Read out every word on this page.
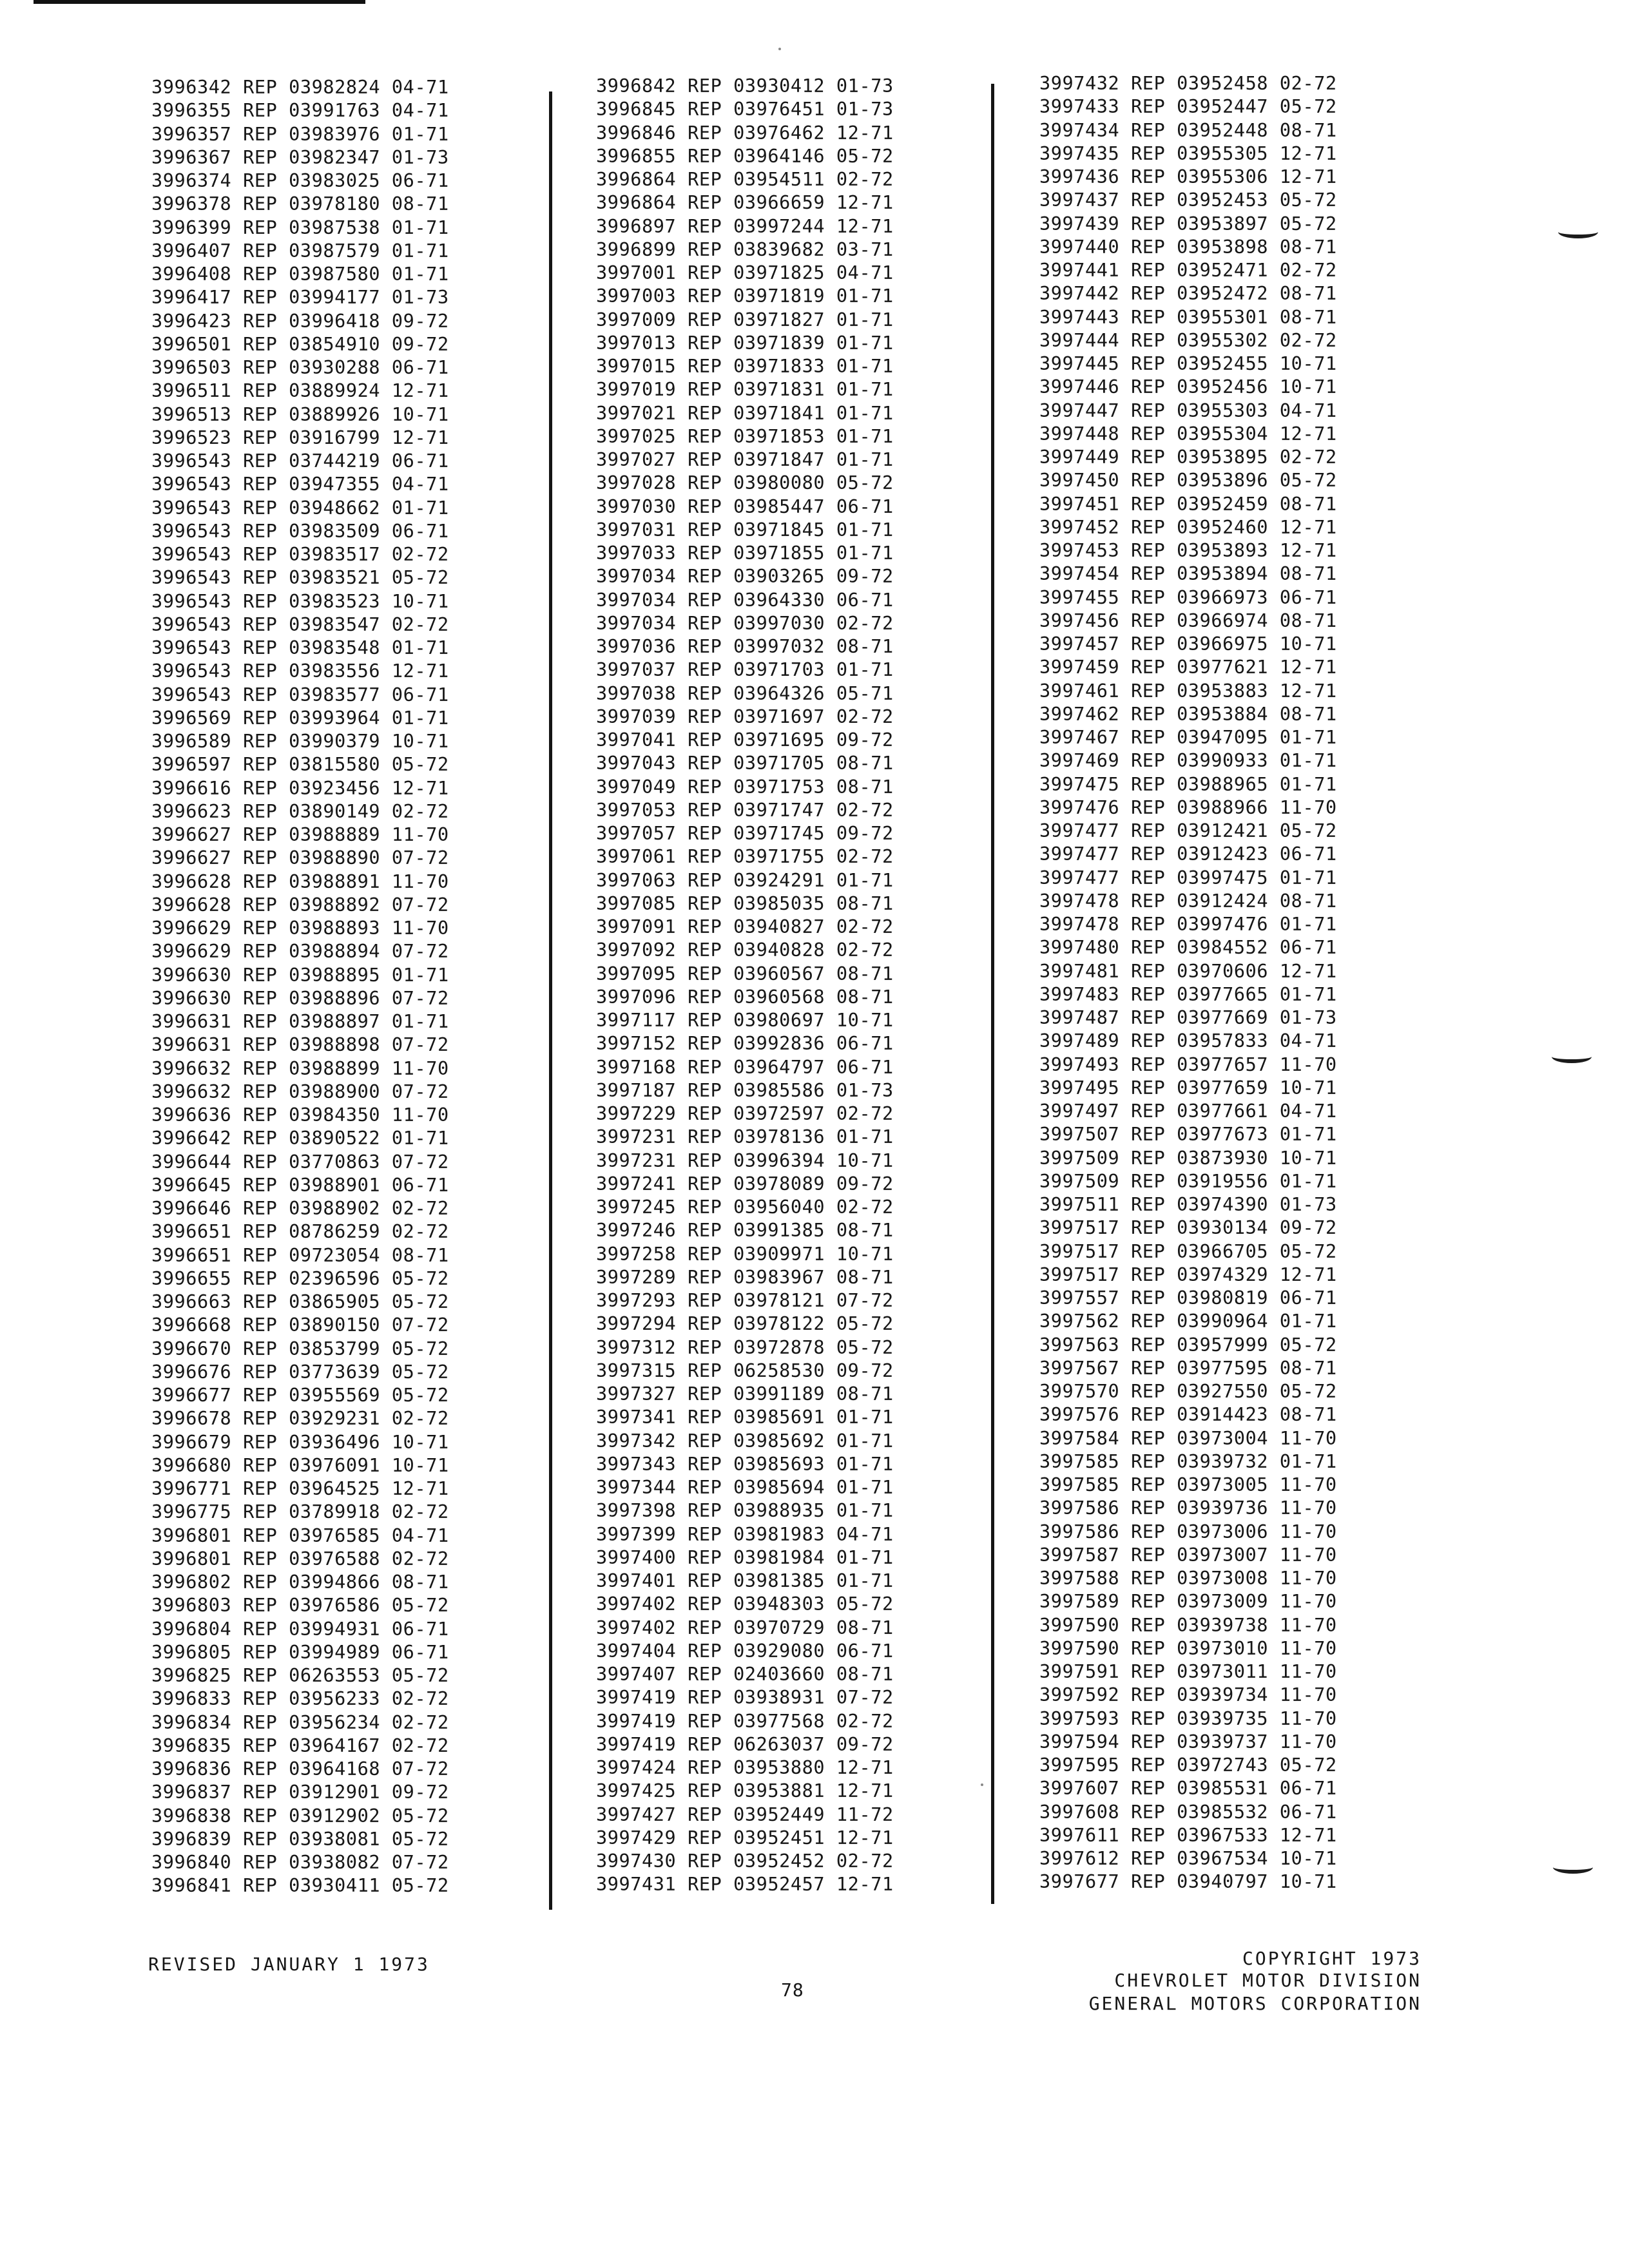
3996342 REP 03982824 04-71
3996355 REP 03991763 04-71
3996357 REP 03983976 01-71
3996367 REP 03982347 01-73
3996374 REP 03983025 06-71
3996378 REP 03978180 08-71
3996399 REP 03987538 01-71
3996407 REP 03987579 01-71
3996408 REP 03987580 01-71
3996417 REP 03994177 01-73
3996423 REP 03996418 09-72
3996501 REP 03854910 09-72
3996503 REP 03930288 06-71
3996511 REP 03889924 12-71
3996513 REP 03889926 10-71
3996523 REP 03916799 12-71
3996543 REP 03744219 06-71
3996543 REP 03947355 04-71
3996543 REP 03948662 01-71
3996543 REP 03983509 06-71
3996543 REP 03983517 02-72
3996543 REP 03983521 05-72
3996543 REP 03983523 10-71
3996543 REP 03983547 02-72
3996543 REP 03983548 01-71
3996543 REP 03983556 12-71
3996543 REP 03983577 06-71
3996569 REP 03993964 01-71
3996589 REP 03990379 10-71
3996597 REP 03815580 05-72
3996616 REP 03923456 12-71
3996623 REP 03890149 02-72
3996627 REP 03988889 11-70
3996627 REP 03988890 07-72
3996628 REP 03988891 11-70
3996628 REP 03988892 07-72
3996629 REP 03988893 11-70
3996629 REP 03988894 07-72
3996630 REP 03988895 01-71
3996630 REP 03988896 07-72
3996631 REP 03988897 01-71
3996631 REP 03988898 07-72
3996632 REP 03988899 11-70
3996632 REP 03988900 07-72
3996636 REP 03984350 11-70
3996642 REP 03890522 01-71
3996644 REP 03770863 07-72
3996645 REP 03988901 06-71
3996646 REP 03988902 02-72
3996651 REP 08786259 02-72
3996651 REP 09723054 08-71
3996655 REP 02396596 05-72
3996663 REP 03865905 05-72
3996668 REP 03890150 07-72
3996670 REP 03853799 05-72
3996676 REP 03773639 05-72
3996677 REP 03955569 05-72
3996678 REP 03929231 02-72
3996679 REP 03936496 10-71
3996680 REP 03976091 10-71
3996771 REP 03964525 12-71
3996775 REP 03789918 02-72
3996801 REP 03976585 04-71
3996801 REP 03976588 02-72
3996802 REP 03994866 08-71
3996803 REP 03976586 05-72
3996804 REP 03994931 06-71
3996805 REP 03994989 06-71
3996825 REP 06263553 05-72
3996833 REP 03956233 02-72
3996834 REP 03956234 02-72
3996835 REP 03964167 02-72
3996836 REP 03964168 07-72
3996837 REP 03912901 09-72
3996838 REP 03912902 05-72
3996839 REP 03938081 05-72
3996840 REP 03938082 07-72
3996841 REP 03930411 05-72
3996842 REP 03930412 01-73
3996845 REP 03976451 01-73
3996846 REP 03976462 12-71
3996855 REP 03964146 05-72
3996864 REP 03954511 02-72
3996864 REP 03966659 12-71
3996897 REP 03997244 12-71
3996899 REP 03839682 03-71
3997001 REP 03971825 04-71
3997003 REP 03971819 01-71
3997009 REP 03971827 01-71
3997013 REP 03971839 01-71
3997015 REP 03971833 01-71
3997019 REP 03971831 01-71
3997021 REP 03971841 01-71
3997025 REP 03971853 01-71
3997027 REP 03971847 01-71
3997028 REP 03980080 05-72
3997030 REP 03985447 06-71
3997031 REP 03971845 01-71
3997033 REP 03971855 01-71
3997034 REP 03903265 09-72
3997034 REP 03964330 06-71
3997034 REP 03997030 02-72
3997036 REP 03997032 08-71
3997037 REP 03971703 01-71
3997038 REP 03964326 05-71
3997039 REP 03971697 02-72
3997041 REP 03971695 09-72
3997043 REP 03971705 08-71
3997049 REP 03971753 08-71
3997053 REP 03971747 02-72
3997057 REP 03971745 09-72
3997061 REP 03971755 02-72
3997063 REP 03924291 01-71
3997085 REP 03985035 08-71
3997091 REP 03940827 02-72
3997092 REP 03940828 02-72
3997095 REP 03960567 08-71
3997096 REP 03960568 08-71
3997117 REP 03980697 10-71
3997152 REP 03992836 06-71
3997168 REP 03964797 06-71
3997187 REP 03985586 01-73
3997229 REP 03972597 02-72
3997231 REP 03978136 01-71
3997231 REP 03996394 10-71
3997241 REP 03978089 09-72
3997245 REP 03956040 02-72
3997246 REP 03991385 08-71
3997258 REP 03909971 10-71
3997289 REP 03983967 08-71
3997293 REP 03978121 07-72
3997294 REP 03978122 05-72
3997312 REP 03972878 05-72
3997315 REP 06258530 09-72
3997327 REP 03991189 08-71
3997341 REP 03985691 01-71
3997342 REP 03985692 01-71
3997343 REP 03985693 01-71
3997344 REP 03985694 01-71
3997398 REP 03988935 01-71
3997399 REP 03981983 04-71
3997400 REP 03981984 01-71
3997401 REP 03981385 01-71
3997402 REP 03948303 05-72
3997402 REP 03970729 08-71
3997404 REP 03929080 06-71
3997407 REP 02403660 08-71
3997419 REP 03938931 07-72
3997419 REP 03977568 02-72
3997419 REP 06263037 09-72
3997424 REP 03953880 12-71
3997425 REP 03953881 12-71
3997427 REP 03952449 11-72
3997429 REP 03952451 12-71
3997430 REP 03952452 02-72
3997431 REP 03952457 12-71
3997432 REP 03952458 02-72
3997433 REP 03952447 05-72
3997434 REP 03952448 08-71
3997435 REP 03955305 12-71
3997436 REP 03955306 12-71
3997437 REP 03952453 05-72
3997439 REP 03953897 05-72
3997440 REP 03953898 08-71
3997441 REP 03952471 02-72
3997442 REP 03952472 08-71
3997443 REP 03955301 08-71
3997444 REP 03955302 02-72
3997445 REP 03952455 10-71
3997446 REP 03952456 10-71
3997447 REP 03955303 04-71
3997448 REP 03955304 12-71
3997449 REP 03953895 02-72
3997450 REP 03953896 05-72
3997451 REP 03952459 08-71
3997452 REP 03952460 12-71
3997453 REP 03953893 12-71
3997454 REP 03953894 08-71
3997455 REP 03966973 06-71
3997456 REP 03966974 08-71
3997457 REP 03966975 10-71
3997459 REP 03977621 12-71
3997461 REP 03953883 12-71
3997462 REP 03953884 08-71
3997467 REP 03947095 01-71
3997469 REP 03990933 01-71
3997475 REP 03988965 01-71
3997476 REP 03988966 11-70
3997477 REP 03912421 05-72
3997477 REP 03912423 06-71
3997477 REP 03997475 01-71
3997478 REP 03912424 08-71
3997478 REP 03997476 01-71
3997480 REP 03984552 06-71
3997481 REP 03970606 12-71
3997483 REP 03977665 01-71
3997487 REP 03977669 01-73
3997489 REP 03957833 04-71
3997493 REP 03977657 11-70
3997495 REP 03977659 10-71
3997497 REP 03977661 04-71
3997507 REP 03977673 01-71
3997509 REP 03873930 10-71
3997509 REP 03919556 01-71
3997511 REP 03974390 01-73
3997517 REP 03930134 09-72
3997517 REP 03966705 05-72
3997517 REP 03974329 12-71
3997557 REP 03980819 06-71
3997562 REP 03990964 01-71
3997563 REP 03957999 05-72
3997567 REP 03977595 08-71
3997570 REP 03927550 05-72
3997576 REP 03914423 08-71
3997584 REP 03973004 11-70
3997585 REP 03939732 01-71
3997585 REP 03973005 11-70
3997586 REP 03939736 11-70
3997586 REP 03973006 11-70
3997587 REP 03973007 11-70
3997588 REP 03973008 11-70
3997589 REP 03973009 11-70
3997590 REP 03939738 11-70
3997590 REP 03973010 11-70
3997591 REP 03973011 11-70
3997592 REP 03939734 11-70
3997593 REP 03939735 11-70
3997594 REP 03939737 11-70
3997595 REP 03972743 05-72
3997607 REP 03985531 06-71
3997608 REP 03985532 06-71
3997611 REP 03967533 12-71
3997612 REP 03967534 10-71
3997677 REP 03940797 10-71
REVISED JANUARY 1 1973
78
COPYRIGHT 1973
CHEVROLET MOTOR DIVISION
GENERAL MOTORS CORPORATION
